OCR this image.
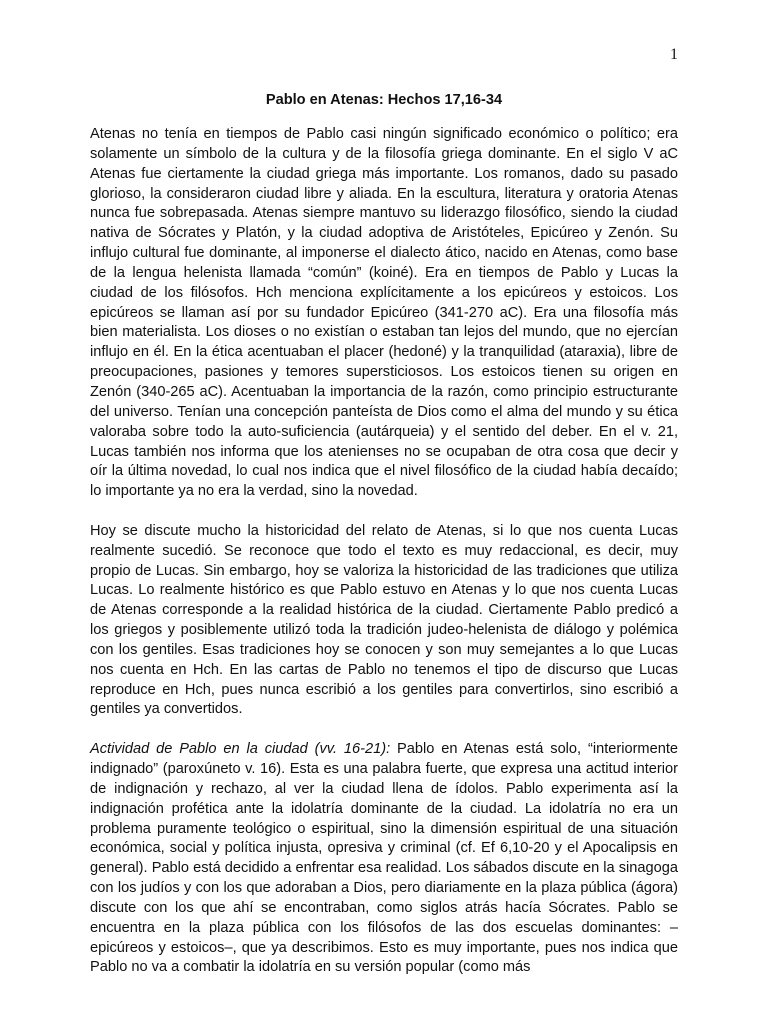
1
Pablo en Atenas: Hechos 17,16-34

Atenas no tenía en tiempos de Pablo casi ningún significado económico o político; era solamente un símbolo de la cultura y de la filosofía griega dominante. En el siglo V aC Atenas fue ciertamente la ciudad griega más importante. Los romanos, dado su pasado glorioso, la consideraron ciudad libre y aliada. En la escultura, literatura y oratoria Atenas nunca fue sobrepasada. Atenas siempre mantuvo su liderazgo filosófico, siendo la ciudad nativa de Sócrates y Platón, y la ciudad adoptiva de Aristóteles, Epicúreo y Zenón. Su influjo cultural fue dominante, al imponerse el dialecto ático, nacido en Atenas, como base de la lengua helenista llamada “común” (koiné). Era en tiempos de Pablo y Lucas la ciudad de los filósofos. Hch menciona explícitamente a los epicúreos y estoicos. Los epicúreos se llaman así por su fundador Epicúreo (341-270 aC). Era una filosofía más bien materialista. Los dioses o no existían o estaban tan lejos del mundo, que no ejercían influjo en él. En la ética acentuaban el placer (hedoné) y la tranquilidad (ataraxia), libre de preocupaciones, pasiones y temores supersticiosos. Los estoicos tienen su origen en Zenón (340-265 aC). Acentuaban la importancia de la razón, como principio estructurante del universo. Tenían una concepción panteísta de Dios como el alma del mundo y su ética valoraba sobre todo la auto-suficiencia (autárqueia) y el sentido del deber. En el v. 21, Lucas también nos informa que los atenienses no se ocupaban de otra cosa que decir y oír la última novedad, lo cual nos indica que el nivel filosófico de la ciudad había decaído; lo importante ya no era la verdad, sino la novedad.

Hoy se discute mucho la historicidad del relato de Atenas, si lo que nos cuenta Lucas realmente sucedió. Se reconoce que todo el texto es muy redaccional, es decir, muy propio de Lucas. Sin embargo, hoy se valoriza la historicidad de las tradiciones que utiliza Lucas. Lo realmente histórico es que Pablo estuvo en Atenas y lo que nos cuenta Lucas de Atenas corresponde a la realidad histórica de la ciudad. Ciertamente Pablo predicó a los griegos y posiblemente utilizó toda la tradición judeo-helenista de diálogo y polémica con los gentiles. Esas tradiciones hoy se conocen y son muy semejantes a lo que Lucas nos cuenta en Hch. En las cartas de Pablo no tenemos el tipo de discurso que Lucas reproduce en Hch, pues nunca escribió a los gentiles para convertirlos, sino escribió a gentiles ya convertidos.

Actividad de Pablo en la ciudad (vv. 16-21): Pablo en Atenas está solo, “interiormente indignado” (paroxúneto v. 16). Esta es una palabra fuerte, que expresa una actitud interior de indignación y rechazo, al ver la ciudad llena de ídolos. Pablo experimenta así la indignación profética ante la idolatría dominante de la ciudad. La idolatría no era un problema puramente teológico o espiritual, sino la dimensión espiritual de una situación económica, social y política injusta, opresiva y criminal (cf. Ef 6,10-20 y el Apocalipsis en general). Pablo está decidido a enfrentar esa realidad. Los sábados discute en la sinagoga con los judíos y con los que adoraban a Dios, pero diariamente en la plaza pública (ágora) discute con los que ahí se encontraban, como siglos atrás hacía Sócrates. Pablo se encuentra en la plaza pública con los filósofos de las dos escuelas dominantes: –epicúreos y estoicos–, que ya describimos. Esto es muy importante, pues nos indica que Pablo no va a combatir la idolatría en su versión popular (como más
